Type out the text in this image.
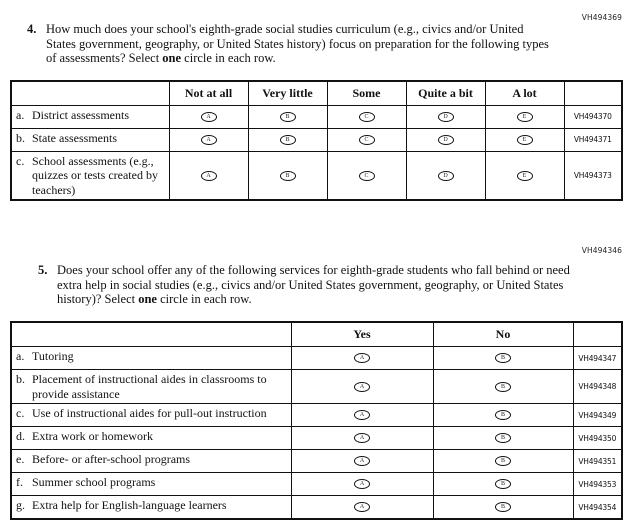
VH494369
VH494346
4. How much does your school's eighth-grade social studies curriculum (e.g., civics and/or United States government, geography, or United States history) focus on preparation for the following types of assessments? Select one circle in each row.
	Not at all	Very little	Some	Quite a bit	A lot	

a. District assessments	A	B	C	D	E	VH494370

b. State assessments	A	B	C	D	E	VH494371

c. School assessments (e.g., quizzes or tests created by teachers)	A	B	C	D	E	VH494373
5. Does your school offer any of the following services for eighth-grade students who fall behind or need extra help in social studies (e.g., civics and/or United States government, geography, or United States history)? Select one circle in each row.
	Yes	No	

a. Tutoring	A	B	VH494347

b. Placement of instructional aides in classrooms to provide assistance	A	B	VH494348

c. Use of instructional aides for pull-out instruction	A	B	VH494349

d. Extra work or homework	A	B	VH494350

e. Before- or after-school programs	A	B	VH494351

f. Summer school programs	A	B	VH494353

g. Extra help for English-language learners	A	B	VH494354
